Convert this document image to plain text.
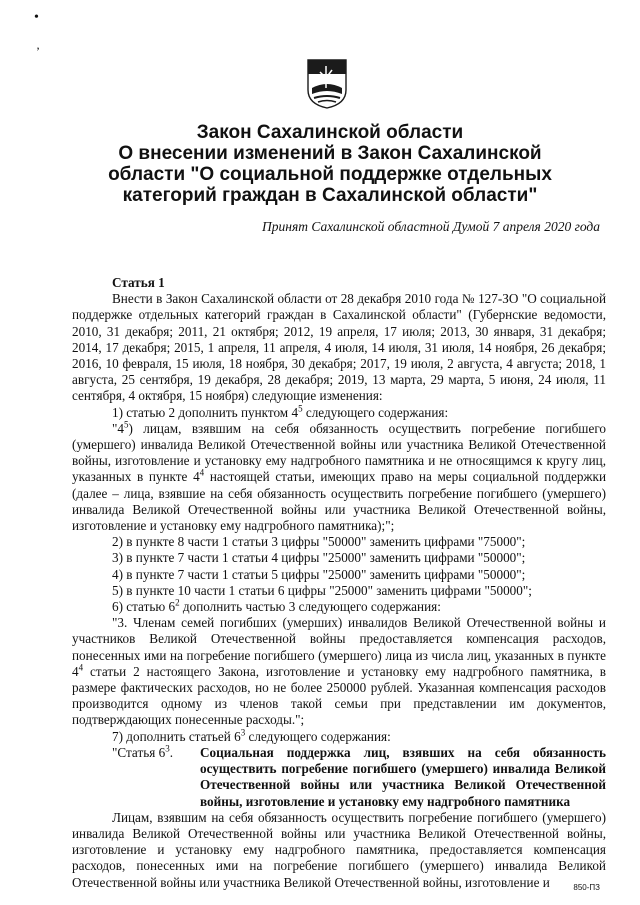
•
’
Закон Сахалинской области
О внесении изменений в Закон Сахалинской
области "О социальной поддержке отдельных
категорий граждан в Сахалинской области"
Принят Сахалинской областной Думой 7 апреля 2020 года

Статья 1

Внести в Закон Сахалинской области от 28 декабря 2010 года № 127-ЗО "О социальной поддержке отдельных категорий граждан в Сахалинской области" (Губернские ведомости, 2010, 31 декабря; 2011, 21 октября; 2012, 19 апреля, 17 июля; 2013, 30 января, 31 декабря; 2014, 17 декабря; 2015, 1 апреля, 11 апреля, 4 июля, 14 июля, 31 июля, 14 ноября, 26 декабря; 2016, 10 февраля, 15 июля, 18 ноября, 30 декабря; 2017, 19 июля, 2 августа, 4 августа; 2018, 1 августа, 25 сентября, 19 декабря, 28 декабря; 2019, 13 марта, 29 марта, 5 июня, 24 июля, 11 сентября, 4 октября, 15 ноября) следующие изменения:

1) статью 2 дополнить пунктом $4^5$ следующего содержания:

"$4^5$) лицам, взявшим на себя обязанность осуществить погребение погибшего (умершего) инвалида Великой Отечественной войны или участника Великой Отечественной войны, изготовление и установку ему надгробного памятника и не относящимся к кругу лиц, указанных в пункте $4^4$ настоящей статьи, имеющих право на меры социальной поддержки (далее – лица, взявшие на себя обязанность осуществить погребение погибшего (умершего) инвалида Великой Отечественной войны или участника Великой Отечественной войны, изготовление и установку ему надгробного памятника);";

2) в пункте 8 части 1 статьи 3 цифры "50000" заменить цифрами "75000";

3) в пункте 7 части 1 статьи 4 цифры "25000" заменить цифрами "50000";

4) в пункте 7 части 1 статьи 5 цифры "25000" заменить цифрами "50000";

5) в пункте 10 части 1 статьи 6 цифры "25000" заменить цифрами "50000";

6) статью $6^2$ дополнить частью 3 следующего содержания:

"3. Членам семей погибших (умерших) инвалидов Великой Отечественной войны и участников Великой Отечественной войны предоставляется компенсация расходов, понесенных ими на погребение погибшего (умершего) лица из числа лиц, указанных в пункте $4^4$ статьи 2 настоящего Закона, изготовление и установку ему надгробного памятника, в размере фактических расходов, но не более 250000 рублей. Указанная компенсация расходов производится одному из членов такой семьи при представлении им документов, подтверждающих понесенные расходы.";

7) дополнить статьей $6^3$ следующего содержания:

"Статья $6^3$.	Социальная поддержка лиц, взявших на себя обязанность осуществить погребение погибшего (умершего) инвалида Великой Отечественной войны или участника Великой Отечественной войны, изготовление и установку ему надгробного памятника

Лицам, взявшим на себя обязанность осуществить погребение погибшего (умершего) инвалида Великой Отечественной войны или участника Великой Отечественной войны, изготовление и установку ему надгробного памятника, предоставляется компенсация расходов, понесенных ими на погребение погибшего (умершего) инвалида Великой Отечественной войны или участника Великой Отечественной войны, изготовление и	850-ПЗ
